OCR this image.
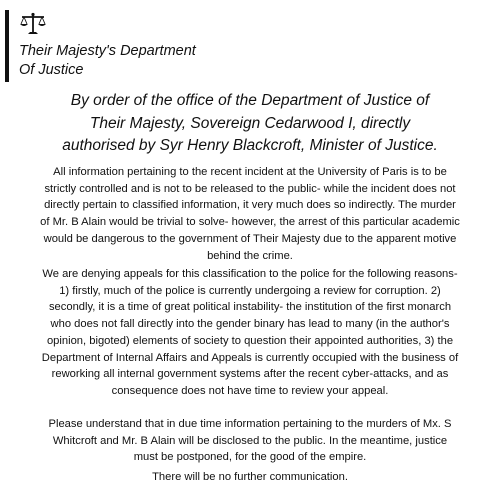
Their Majesty's Department
Of Justice

By order of the office of the Department of Justice of Their Majesty, Sovereign Cedarwood I, directly authorised by Syr Henry Blackcroft, Minister of Justice.

All information pertaining to the recent incident at the University of Paris is to be strictly controlled and is not to be released to the public- while the incident does not directly pertain to classified information, it very much does so indirectly. The murder of Mr. B Alain would be trivial to solve- however, the arrest of this particular academic would be dangerous to the government of Their Majesty due to the apparent motive behind the crime.

We are denying appeals for this classification to the police for the following reasons- 1) firstly, much of the police is currently undergoing a review for corruption. 2) secondly, it is a time of great political instability- the institution of the first monarch who does not fall directly into the gender binary has lead to many (in the author's opinion, bigoted) elements of society to question their appointed authorities, 3) the Department of Internal Affairs and Appeals is currently occupied with the business of reworking all internal government systems after the recent cyber-attacks, and as consequence does not have time to review your appeal.

Please understand that in due time information pertaining to the murders of Mx. S Whitcroft and Mr. B Alain will be disclosed to the public. In the meantime, justice must be postponed, for the good of the empire.

There will be no further communication.
